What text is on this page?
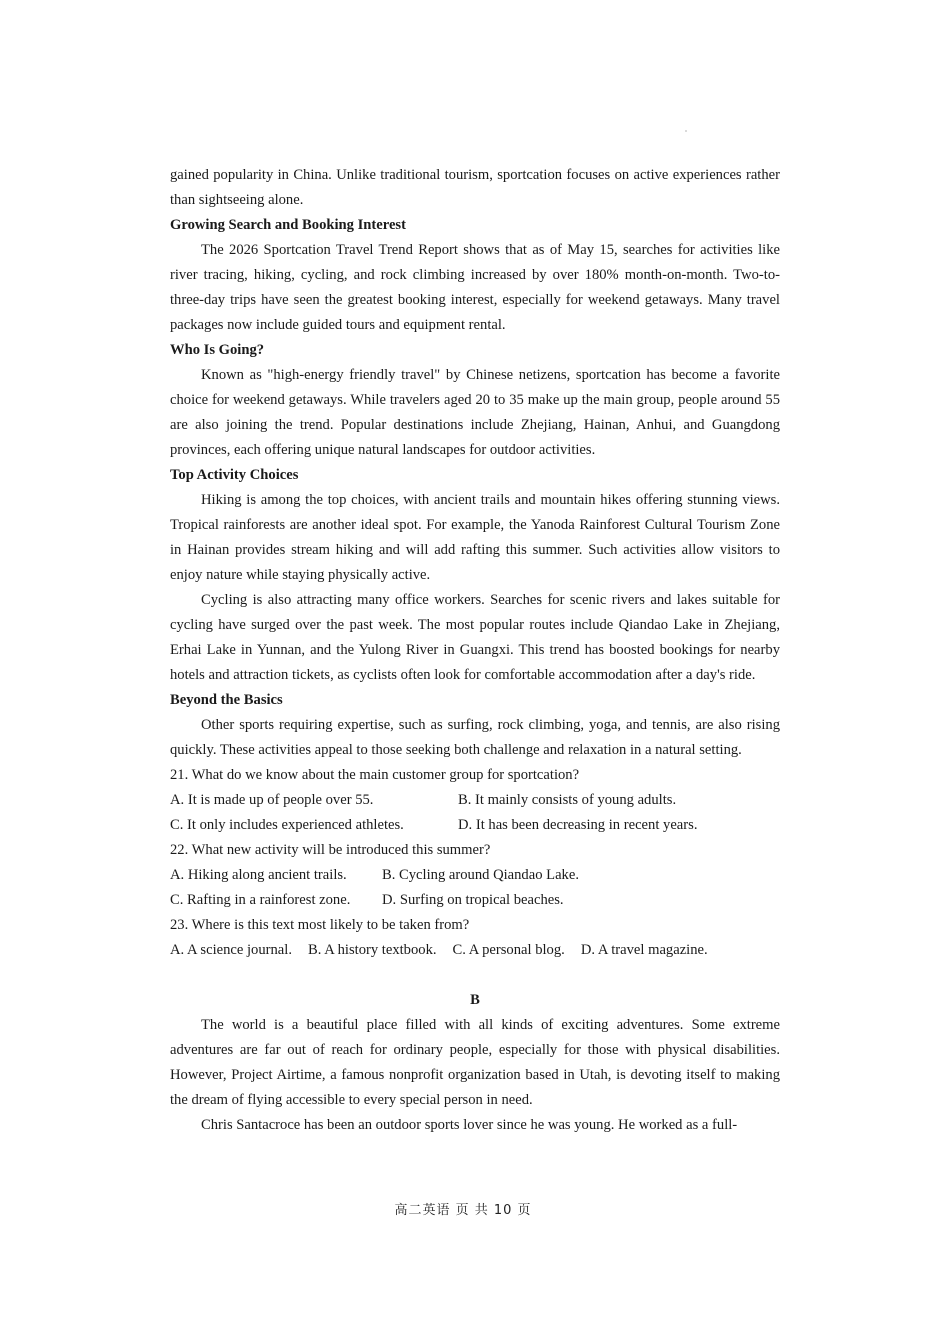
gained popularity in China. Unlike traditional tourism, sportcation focuses on active experiences rather than sightseeing alone.

Growing Search and Booking Interest

The 2026 Sportcation Travel Trend Report shows that as of May 15, searches for activities like river tracing, hiking, cycling, and rock climbing increased by over 180% month-on-month. Two-to-three-day trips have seen the greatest booking interest, especially for weekend getaways. Many travel packages now include guided tours and equipment rental.

Who Is Going?

Known as "high-energy friendly travel" by Chinese netizens, sportcation has become a favorite choice for weekend getaways. While travelers aged 20 to 35 make up the main group, people around 55 are also joining the trend. Popular destinations include Zhejiang, Hainan, Anhui, and Guangdong provinces, each offering unique natural landscapes for outdoor activities.

Top Activity Choices

Hiking is among the top choices, with ancient trails and mountain hikes offering stunning views. Tropical rainforests are another ideal spot. For example, the Yanoda Rainforest Cultural Tourism Zone in Hainan provides stream hiking and will add rafting this summer. Such activities allow visitors to enjoy nature while staying physically active.

Cycling is also attracting many office workers. Searches for scenic rivers and lakes suitable for cycling have surged over the past week. The most popular routes include Qiandao Lake in Zhejiang, Erhai Lake in Yunnan, and the Yulong River in Guangxi. This trend has boosted bookings for nearby hotels and attraction tickets, as cyclists often look for comfortable accommodation after a day's ride.

Beyond the Basics

Other sports requiring expertise, such as surfing, rock climbing, yoga, and tennis, are also rising quickly. These activities appeal to those seeking both challenge and relaxation in a natural setting.

21. What do we know about the main customer group for sportcation?

A. It is made up of people over 55.	B. It mainly consists of young adults.

C. It only includes experienced athletes.	D. It has been decreasing in recent years.

22. What new activity will be introduced this summer?

A. Hiking along ancient trails.	B. Cycling around Qiandao Lake.

C. Rafting in a rainforest zone.	D. Surfing on tropical beaches.

23. Where is this text most likely to be taken from?

A. A science journal. B. A history textbook. C. A personal blog. D. A travel magazine.

B

The world is a beautiful place filled with all kinds of exciting adventures. Some extreme adventures are far out of reach for ordinary people, especially for those with physical disabilities. However, Project Airtime, a famous nonprofit organization based in Utah, is devoting itself to making the dream of flying accessible to every special person in need.

Chris Santacroce has been an outdoor sports lover since he was young. He worked as a full-

高二英语 页 共 10 页
